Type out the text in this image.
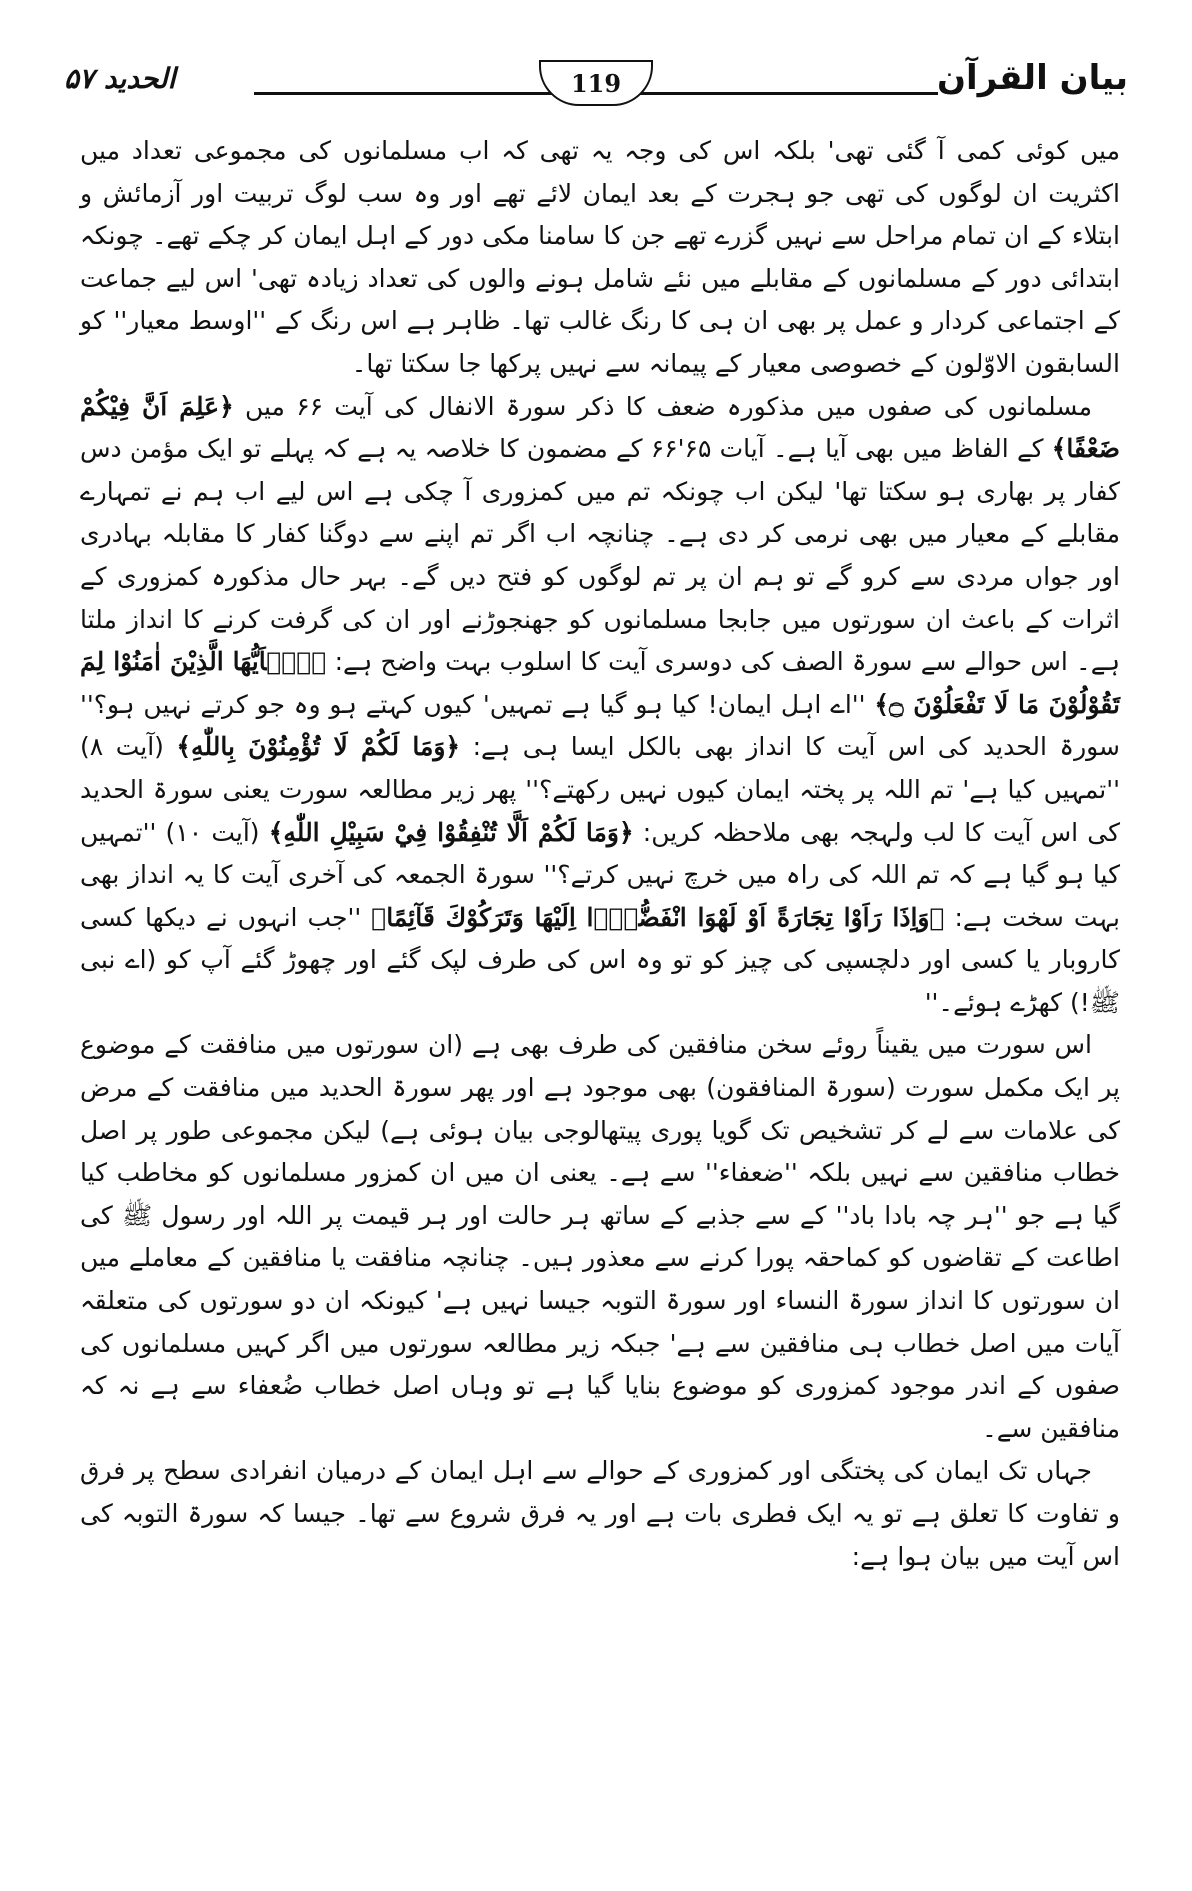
بیان القرآن
119
الحدید ۵۷

میں کوئی کمی آ گئی تھی' بلکہ اس کی وجہ یہ تھی کہ اب مسلمانوں کی مجموعی تعداد میں اکثریت ان لوگوں کی تھی جو ہجرت کے بعد ایمان لائے تھے اور وہ سب لوگ تربیت اور آزمائش و ابتلاء کے ان تمام مراحل سے نہیں گزرے تھے جن کا سامنا مکی دور کے اہل ایمان کر چکے تھے۔ چونکہ ابتدائی دور کے مسلمانوں کے مقابلے میں نئے شامل ہونے والوں کی تعداد زیادہ تھی' اس لیے جماعت کے اجتماعی کردار و عمل پر بھی ان ہی کا رنگ غالب تھا۔ ظاہر ہے اس رنگ کے ''اوسط معیار'' کو السابقون الاوّلون کے خصوصی معیار کے پیمانہ سے نہیں پرکھا جا سکتا تھا۔

مسلمانوں کی صفوں میں مذکورہ ضعف کا ذکر سورۃ الانفال کی آیت ۶۶ میں ﴿عَلِمَ اَنَّ فِيْكُمْ ضَعْفًا﴾ کے الفاظ میں بھی آیا ہے۔ آیات ۶۵'۶۶ کے مضمون کا خلاصہ یہ ہے کہ پہلے تو ایک مؤمن دس کفار پر بھاری ہو سکتا تھا' لیکن اب چونکہ تم میں کمزوری آ چکی ہے اس لیے اب ہم نے تمہارے مقابلے کے معیار میں بھی نرمی کر دی ہے۔ چنانچہ اب اگر تم اپنے سے دوگنا کفار کا مقابلہ بہادری اور جواں مردی سے کرو گے تو ہم ان پر تم لوگوں کو فتح دیں گے۔ بہر حال مذکورہ کمزوری کے اثرات کے باعث ان سورتوں میں جابجا مسلمانوں کو جھنجوڑنے اور ان کی گرفت کرنے کا انداز ملتا ہے۔ اس حوالے سے سورۃ الصف کی دوسری آیت کا اسلوب بہت واضح ہے: ﴿يٰۤاَيُّهَا الَّذِيْنَ اٰمَنُوْا لِمَ تَقُوْلُوْنَ مَا لَا تَفْعَلُوْنَ ۝﴾ ''اے اہل ایمان! کیا ہو گیا ہے تمہیں' کیوں کہتے ہو وہ جو کرتے نہیں ہو؟'' سورۃ الحدید کی اس آیت کا انداز بھی بالکل ایسا ہی ہے: ﴿وَمَا لَكُمْ لَا تُؤْمِنُوْنَ بِاللّٰهِ﴾ (آیت ۸) ''تمہیں کیا ہے' تم اللہ پر پختہ ایمان کیوں نہیں رکھتے؟'' پھر زیر مطالعہ سورت یعنی سورۃ الحدید کی اس آیت کا لب ولہجہ بھی ملاحظہ کریں: ﴿وَمَا لَكُمْ اَلَّا تُنْفِقُوْا فِيْ سَبِيْلِ اللّٰهِ﴾ (آیت ۱۰) ''تمہیں کیا ہو گیا ہے کہ تم اللہ کی راہ میں خرچ نہیں کرتے؟'' سورۃ الجمعہ کی آخری آیت کا یہ انداز بھی بہت سخت ہے: ﴿وَاِذَا رَاَوْا تِجَارَةً اَوْ لَهْوَا انْفَضُّوْۤا اِلَيْهَا وَتَرَكُوْكَ قَآئِمًا﴾ ''جب انہوں نے دیکھا کسی کاروبار یا کسی اور دلچسپی کی چیز کو تو وہ اس کی طرف لپک گئے اور چھوڑ گئے آپ کو (اے نبی ﷺ!) کھڑے ہوئے۔''

اس سورت میں یقیناً روئے سخن منافقین کی طرف بھی ہے (ان سورتوں میں منافقت کے موضوع پر ایک مکمل سورت (سورۃ المنافقون) بھی موجود ہے اور پھر سورۃ الحدید میں منافقت کے مرض کی علامات سے لے کر تشخیص تک گویا پوری پیتھالوجی بیان ہوئی ہے) لیکن مجموعی طور پر اصل خطاب منافقین سے نہیں بلکہ ''ضعفاء'' سے ہے۔ یعنی ان میں ان کمزور مسلمانوں کو مخاطب کیا گیا ہے جو ''ہر چہ بادا باد'' کے سے جذبے کے ساتھ ہر حالت اور ہر قیمت پر اللہ اور رسول ﷺ کی اطاعت کے تقاضوں کو کماحقہ پورا کرنے سے معذور ہیں۔ چنانچہ منافقت یا منافقین کے معاملے میں ان سورتوں کا انداز سورۃ النساء اور سورۃ التوبہ جیسا نہیں ہے' کیونکہ ان دو سورتوں کی متعلقہ آیات میں اصل خطاب ہی منافقین سے ہے' جبکہ زیر مطالعہ سورتوں میں اگر کہیں مسلمانوں کی صفوں کے اندر موجود کمزوری کو موضوع بنایا گیا ہے تو وہاں اصل خطاب ضُعفاء سے ہے نہ کہ منافقین سے۔

جہاں تک ایمان کی پختگی اور کمزوری کے حوالے سے اہل ایمان کے درمیان انفرادی سطح پر فرق و تفاوت کا تعلق ہے تو یہ ایک فطری بات ہے اور یہ فرق شروع سے تھا۔ جیسا کہ سورۃ التوبہ کی اس آیت میں بیان ہوا ہے:
